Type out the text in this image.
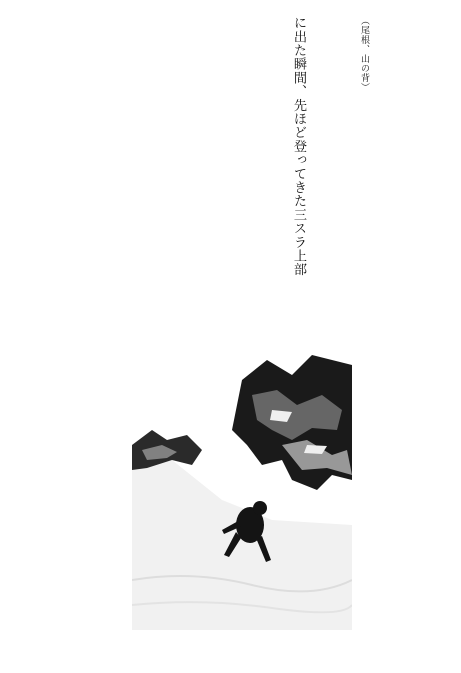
（尾根、山の背）

に出た瞬間、先ほど登ってきた三スラ上部
